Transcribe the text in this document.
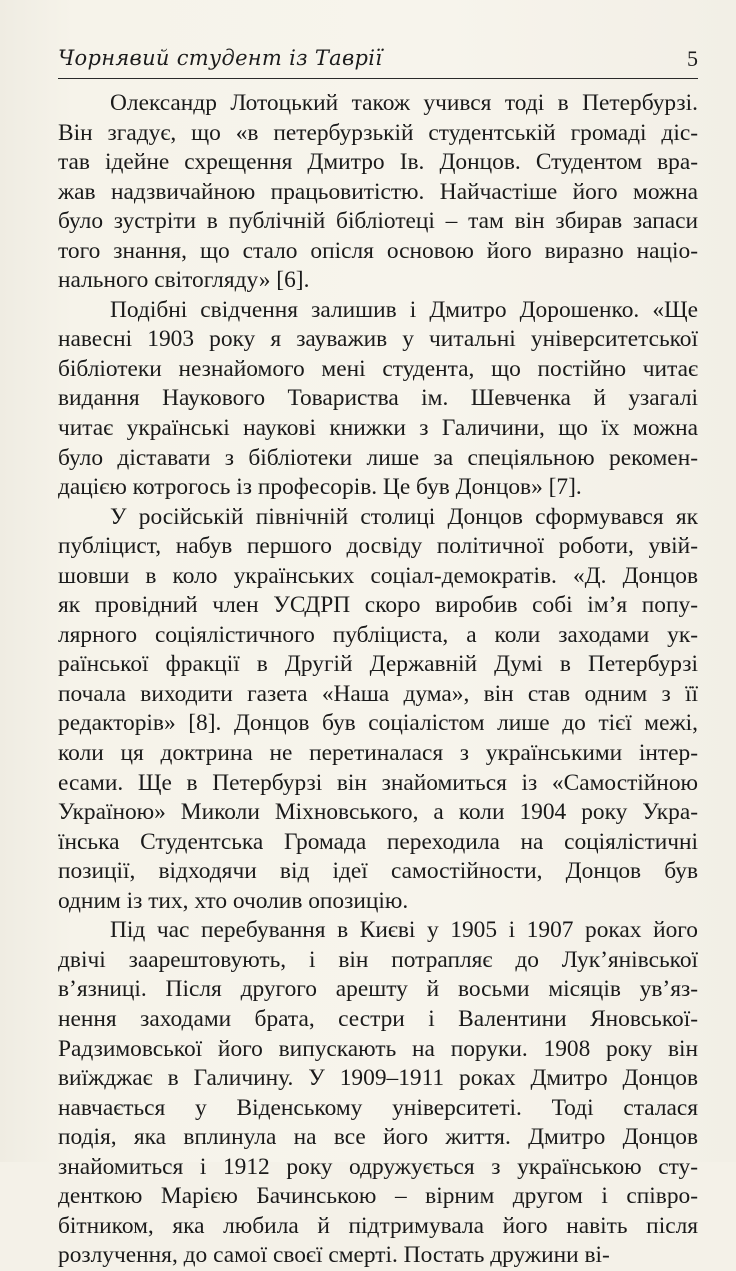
Чорнявий студент із Таврії	5
Олександр Лотоцький також учився тоді в Петербурзі.
Він згадує, що «в петербурзькій студентській громаді діс-
тав ідейне схрещення Дмитро Ів. Донцов. Студентом вра-
жав надзвичайною працьовитістю. Найчастіше його можна
було зустріти в публічній бібліотеці – там він збирав запаси
того знання, що стало опісля основою його виразно націо-
нального світогляду» [6].
Подібні свідчення залишив і Дмитро Дорошенко. «Ще
навесні 1903 року я зауважив у читальні університетської
бібліотеки незнайомого мені студента, що постійно читає
видання Наукового Товариства ім. Шевченка й узагалі
читає українські наукові книжки з Галичини, що їх можна
було діставати з бібліотеки лише за спеціяльною рекомен-
дацією котрогось із професорів. Це був Донцов» [7].
У російській північній столиці Донцов сформувався як
публіцист, набув першого досвіду політичної роботи, увій-
шовши в коло українських соціал-демократів. «Д. Донцов
як провідний член УСДРП скоро виробив собі ім’я попу-
лярного соціялістичного публіциста, а коли заходами ук-
раїнської фракції в Другій Державній Думі в Петербурзі
почала виходити газета «Наша дума», він став одним з її
редакторів» [8]. Донцов був соціалістом лише до тієї межі,
коли ця доктрина не перетиналася з українськими інтер-
есами. Ще в Петербурзі він знайомиться із «Самостійною
Україною» Миколи Міхновського, а коли 1904 року Укра-
їнська Студентська Громада переходила на соціялістичні
позиції, відходячи від ідеї самостійности, Донцов був
одним із тих, хто очолив опозицію.
Під час перебування в Києві у 1905 і 1907 роках його
двічі заарештовують, і він потрапляє до Лук’янівської
в’язниці. Після другого арешту й восьми місяців ув’яз-
нення заходами брата, сестри і Валентини Яновської-
Радзимовської його випускають на поруки. 1908 року він
виїжджає в Галичину. У 1909–1911 роках Дмитро Донцов
навчається у Віденському університеті. Тоді сталася
подія, яка вплинула на все його життя. Дмитро Донцов
знайомиться і 1912 року одружується з українською сту-
денткою Марією Бачинською – вірним другом і співро-
бітником, яка любила й підтримувала його навіть після
розлучення, до самої своєї смерті. Постать дружини ві-
